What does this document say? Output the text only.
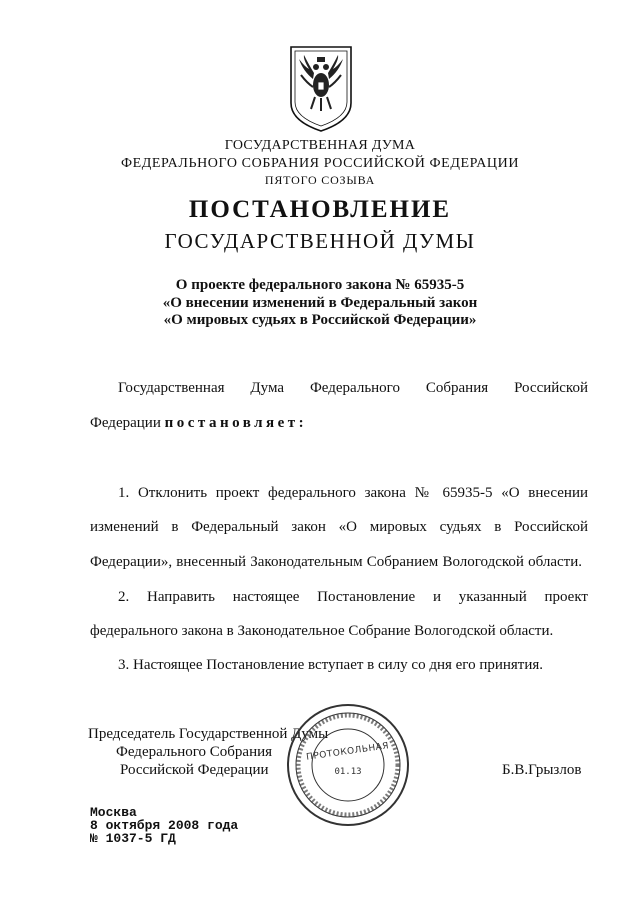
ГОСУДАРСТВЕННАЯ ДУМА
ФЕДЕРАЛЬНОГО СОБРАНИЯ РОССИЙСКОЙ ФЕДЕРАЦИИ
ПЯТОГО СОЗЫВА
ПОСТАНОВЛЕНИЕ
ГОСУДАРСТВЕННОЙ ДУМЫ
О проекте федерального закона № 65935-5
«О внесении изменений в Федеральный закон
«О мировых судьях в Российской Федерации»
Государственная Дума Федерального Собрания Российской
Федерации постановляет:
1. Отклонить проект федерального закона № 65935-5 «О внесении
изменений в Федеральный закон «О мировых судьях в Российской
Федерации», внесенный Законодательным Собранием Вологодской области.
2. Направить настоящее Постановление и указанный проект
федерального закона в Законодательное Собрание Вологодской области.
3. Настоящее Постановление вступает в силу со дня его принятия.
Председатель Государственной Думы
Федерального Собрания
Российской Федерации	Б.В.Грызлов
ПРОТОКОЛЬНАЯ
01.13
Москва
8 октября 2008 года
№ 1037-5 ГД
